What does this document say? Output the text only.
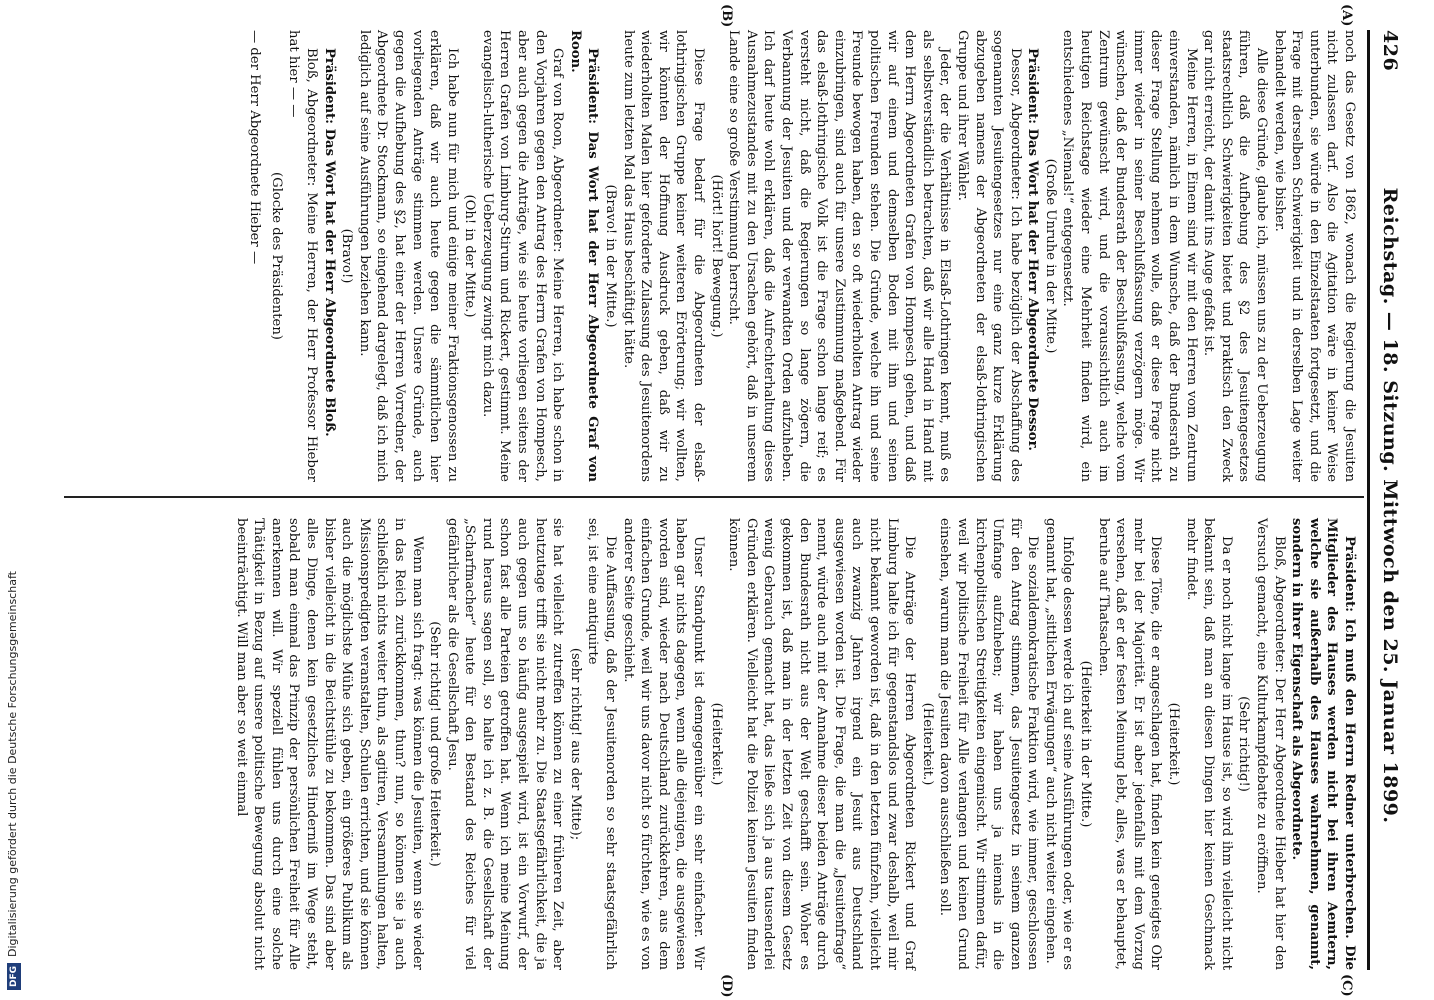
426
Reichstag. — 18. Sitzung. Mittwoch den 25. Januar 1899.
(A)
(B)
(C)
(D)

noch das Gesetz von 1862, wonach die Regierung die Jesuiten nicht zulassen darf. Also die Agitation wäre in keiner Weise unterbunden, sie würde in den Einzelstaaten fortgesetzt, und die Frage mit derselben Schwierigkeit und in derselben Lage weiter behandelt werden, wie bisher.

Alle diese Gründe, glaube ich, müssen uns zu der Ueberzeugung führen, daß die Aufhebung des §2 des Jesuitengesetzes staatsrechtlich Schwierigkeiten bietet und praktisch den Zweck gar nicht erreicht, der damit ins Auge gefaßt ist.

Meine Herren, in Einem sind wir mit den Herren vom Zentrum einverstanden, nämlich in dem Wunsche, daß der Bundesrath zu dieser Frage Stellung nehmen wolle, daß er diese Frage nicht immer wieder in seiner Beschlußfassung verzögern möge. Wir wünschen, daß der Bundesrath der Beschlußfassung, welche vom Zentrum gewünscht wird, und die voraussichtlich auch im heutigen Reichstage wieder eine Mehrheit finden wird, ein entschiedenes „Niemals!“ entgegensetzt.

(Große Unruhe in der Mitte.)

Präsident: Das Wort hat der Herr Abgeordnete Dessor.

Dessor, Abgeordneter: Ich habe bezüglich der Abschaffung des sogenannten Jesuitengesetzes nur eine ganz kurze Erklärung abzugeben namens der Abgeordneten der elsaß-lothringischen Gruppe und ihrer Wähler.

Jeder, der die Verhältnisse in Elsaß-Lothringen kennt, muß es als selbstverständlich betrachten, daß wir alle Hand in Hand mit dem Herrn Abgeordneten Grafen von Hompesch gehen, und daß wir auf einem und demselben Boden mit ihm und seinen politischen Freunden stehen. Die Gründe, welche ihn und seine Freunde bewogen haben, den so oft wiederholten Antrag wieder einzubringen, sind auch für unsere Zustimmung maßgebend. Für das elsaß-lothringische Volk ist die Frage schon lange reif; es versteht nicht, daß die Regierungen so lange zögern, die Verbannung der Jesuiten und der verwandten Orden aufzuheben. Ich darf heute wohl erklären, daß die Aufrechterhaltung dieses Ausnahmezustandes mit zu den Ursachen gehört, daß in unserem Lande eine so große Verstimmung herrscht.

(Hört! hört! Bewegung.)

Diese Frage bedarf für die Abgeordneten der elsaß-lothringischen Gruppe keiner weiteren Erörterung; wir wollten, wir könnten der Hoffnung Ausdruck geben, daß wir zu wiederholten Malen hier geforderte Zulassung des Jesuitenordens heute zum letzten Mal das Haus beschäftigt hätte.

(Bravo! in der Mitte.)

Präsident: Das Wort hat der Herr Abgeordnete Graf von Roon.

Graf von Roon, Abgeordneter: Meine Herren, ich habe schon in den Vorjahren gegen den Antrag des Herrn Grafen von Hompesch, aber auch gegen die Anträge, wie sie heute vorliegen seitens der Herren Grafen von Limburg-Stirum und Rickert, gestimmt. Meine evangelisch-lutherische Ueberzeugung zwingt mich dazu.

(Oh! in der Mitte.)

Ich habe nun für mich und einige meiner Fraktionsgenossen zu erklären, daß wir auch heute gegen die sämmtlichen hier vorliegenden Anträge stimmen werden. Unsere Gründe, auch gegen die Aufhebung des §2, hat einer der Herren Vorredner, der Abgeordnete Dr. Stockmann, so eingehend dargelegt, daß ich mich lediglich auf seine Ausführungen beziehen kann.

(Bravo!)

Präsident: Das Wort hat der Herr Abgeordnete Bloß.

Bloß, Abgeordneter: Meine Herren, der Herr Professor Hieber hat hier — —

(Glocke des Präsidenten)

— der Herr Abgeordnete Hieber —

Präsident: Ich muß den Herrn Redner unterbrechen. Die Mitglieder des Hauses werden nicht bei ihren Aemtern, welche sie außerhalb des Hauses wahrnehmen, genannt, sondern in ihrer Eigenschaft als Abgeordnete.

Bloß, Abgeordneter: Der Herr Abgeordnete Hieber hat hier den Versuch gemacht, eine Kulturkampfdebatte zu eröffnen.

(Sehr richtig!)

Da er noch nicht lange im Hause ist, so wird ihm vielleicht nicht bekannt sein, daß man an diesen Dingen hier keinen Geschmack mehr findet.

(Heiterkeit.)

Diese Töne, die er angeschlagen hat, finden kein geneigtes Ohr mehr bei der Majorität. Er ist aber jedenfalls mit dem Vorzug versehen, daß er der festen Meinung lebt, alles, was er behauptet, beruhe auf Thatsachen.

(Heiterkeit in der Mitte.)

Infolge dessen werde ich auf seine Ausführungen oder, wie er es genannt hat, „sittlichen Erwägungen“ auch nicht weiter eingehen.

Die sozialdemokratische Fraktion wird, wie immer, geschlossen für den Antrag stimmen, das Jesuitengesetz in seinem ganzen Umfange aufzuheben; wir haben uns ja niemals in die kirchenpolitischen Streitigkeiten eingemischt. Wir stimmen dafür, weil wir politische Freiheit für Alle verlangen und keinen Grund einsehen, warum man die Jesuiten davon ausschließen soll.

(Heiterkeit.)

Die Anträge der Herren Abgeordneten Rickert und Graf Limburg halte ich für gegenstandslos und zwar deshalb, weil mir nicht bekannt geworden ist, daß in den letzten fünfzehn, vielleicht auch zwanzig Jahren irgend ein Jesuit aus Deutschland ausgewiesen worden ist. Die Frage, die man die „Jesuitenfrage“ nennt, würde auch mit der Annahme dieser beiden Anträge durch den Bundesrath nicht aus der Welt geschafft sein. Woher es gekommen ist, daß man in der letzten Zeit von diesem Gesetz wenig Gebrauch gemacht hat, das ließe sich ja aus tausenderlei Gründen erklären. Vielleicht hat die Polizei keinen Jesuiten finden können.

(Heiterkeit.)

Unser Standpunkt ist demgegenüber ein sehr einfacher. Wir haben gar nichts dagegen, wenn alle diejenigen, die ausgewiesen worden sind, wieder nach Deutschland zurückkehren, aus dem einfachen Grunde, weil wir uns davor nicht so fürchten, wie es von anderer Seite geschieht.

Die Auffassung, daß der Jesuitenorden so sehr staatsgefährlich sei, ist eine antiquirte

(sehr richtig! aus der Mitte);

sie hat vielleicht zutreffen können zu einer früheren Zeit, aber heutzutage trifft sie nicht mehr zu. Die Staatsgefährlichkeit, die ja auch gegen uns so häufig ausgespielt wird, ist ein Vorwurf, der schon fast alle Parteien getroffen hat. Wenn ich meine Meinung rund heraus sagen soll, so halte ich z. B. die Gesellschaft der „Scharfmacher“ heute für den Bestand des Reiches für viel gefährlicher als die Gesellschaft Jesu.

(Sehr richtig! und große Heiterkeit.)

Wenn man sich fragt: was können die Jesuiten, wenn sie wieder in das Reich zurückkommen, thun? nun, so können sie ja auch schließlich nichts weiter thun, als agitiren, Versammlungen halten, Missionspredigten veranstalten, Schulen errichten, und sie können auch die möglichste Mühe sich geben, ein größeres Publikum als bisher vielleicht in die Beichtstühle zu bekommen. Das sind aber alles Dinge, denen kein gesetzliches Hinderniß im Wege steht, sobald man einmal das Prinzip der persönlichen Freiheit für Alle anerkennen will. Wir speziell fühlen uns durch eine solche Thätigkeit in Bezug auf unsere politische Bewegung absolut nicht beeinträchtigt. Will man aber so weit einmal

DFGDigitalisierung gefördert durch die Deutsche Forschungsgemeinschaft
